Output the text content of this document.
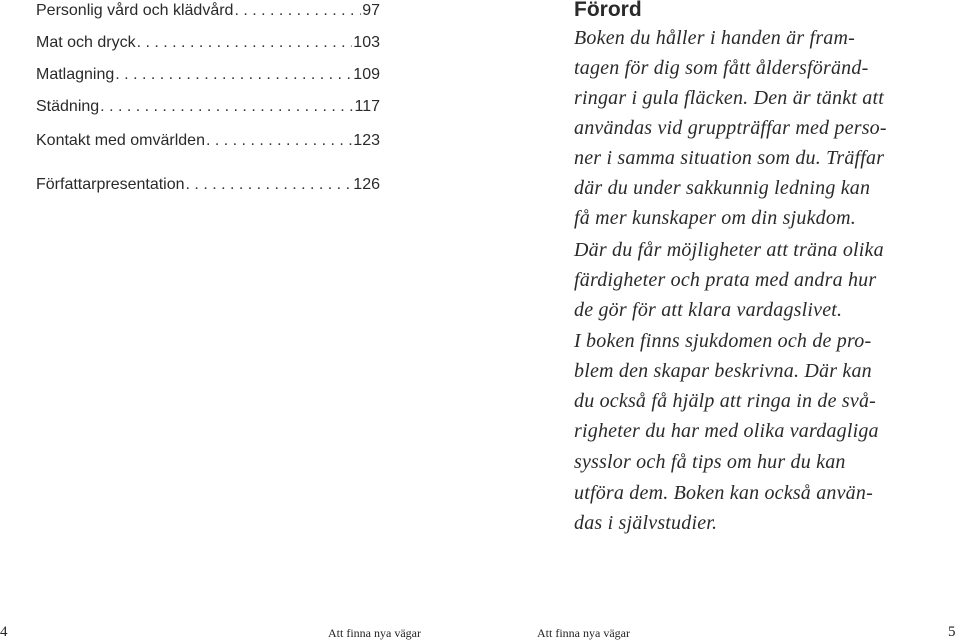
Personlig vård och klädvård . . .	97
Mat och dryck . . .	103
Matlagning . . .	109
Städning . . .	117
Kontakt med omvärlden . . .	123
Författarpresentation . . .	126
4	Att finna nya vägar
Förord
Boken du håller i handen är fram-
tagen för dig som fått åldersföränd-
ringar i gula fläcken. Den är tänkt att
användas vid gruppträffar med perso-
ner i samma situation som du. Träffar
där du under sakkunnig ledning kan
få mer kunskaper om din sjukdom.
Där du får möjligheter att träna olika
färdigheter och prata med andra hur
de gör för att klara vardagslivet.
I boken finns sjukdomen och de pro-
blem den skapar beskrivna. Där kan
du också få hjälp att ringa in de svå-
righeter du har med olika vardagliga
sysslor och få tips om hur du kan
utföra dem. Boken kan också använ-
das i självstudier.
Att finna nya vägar	5
